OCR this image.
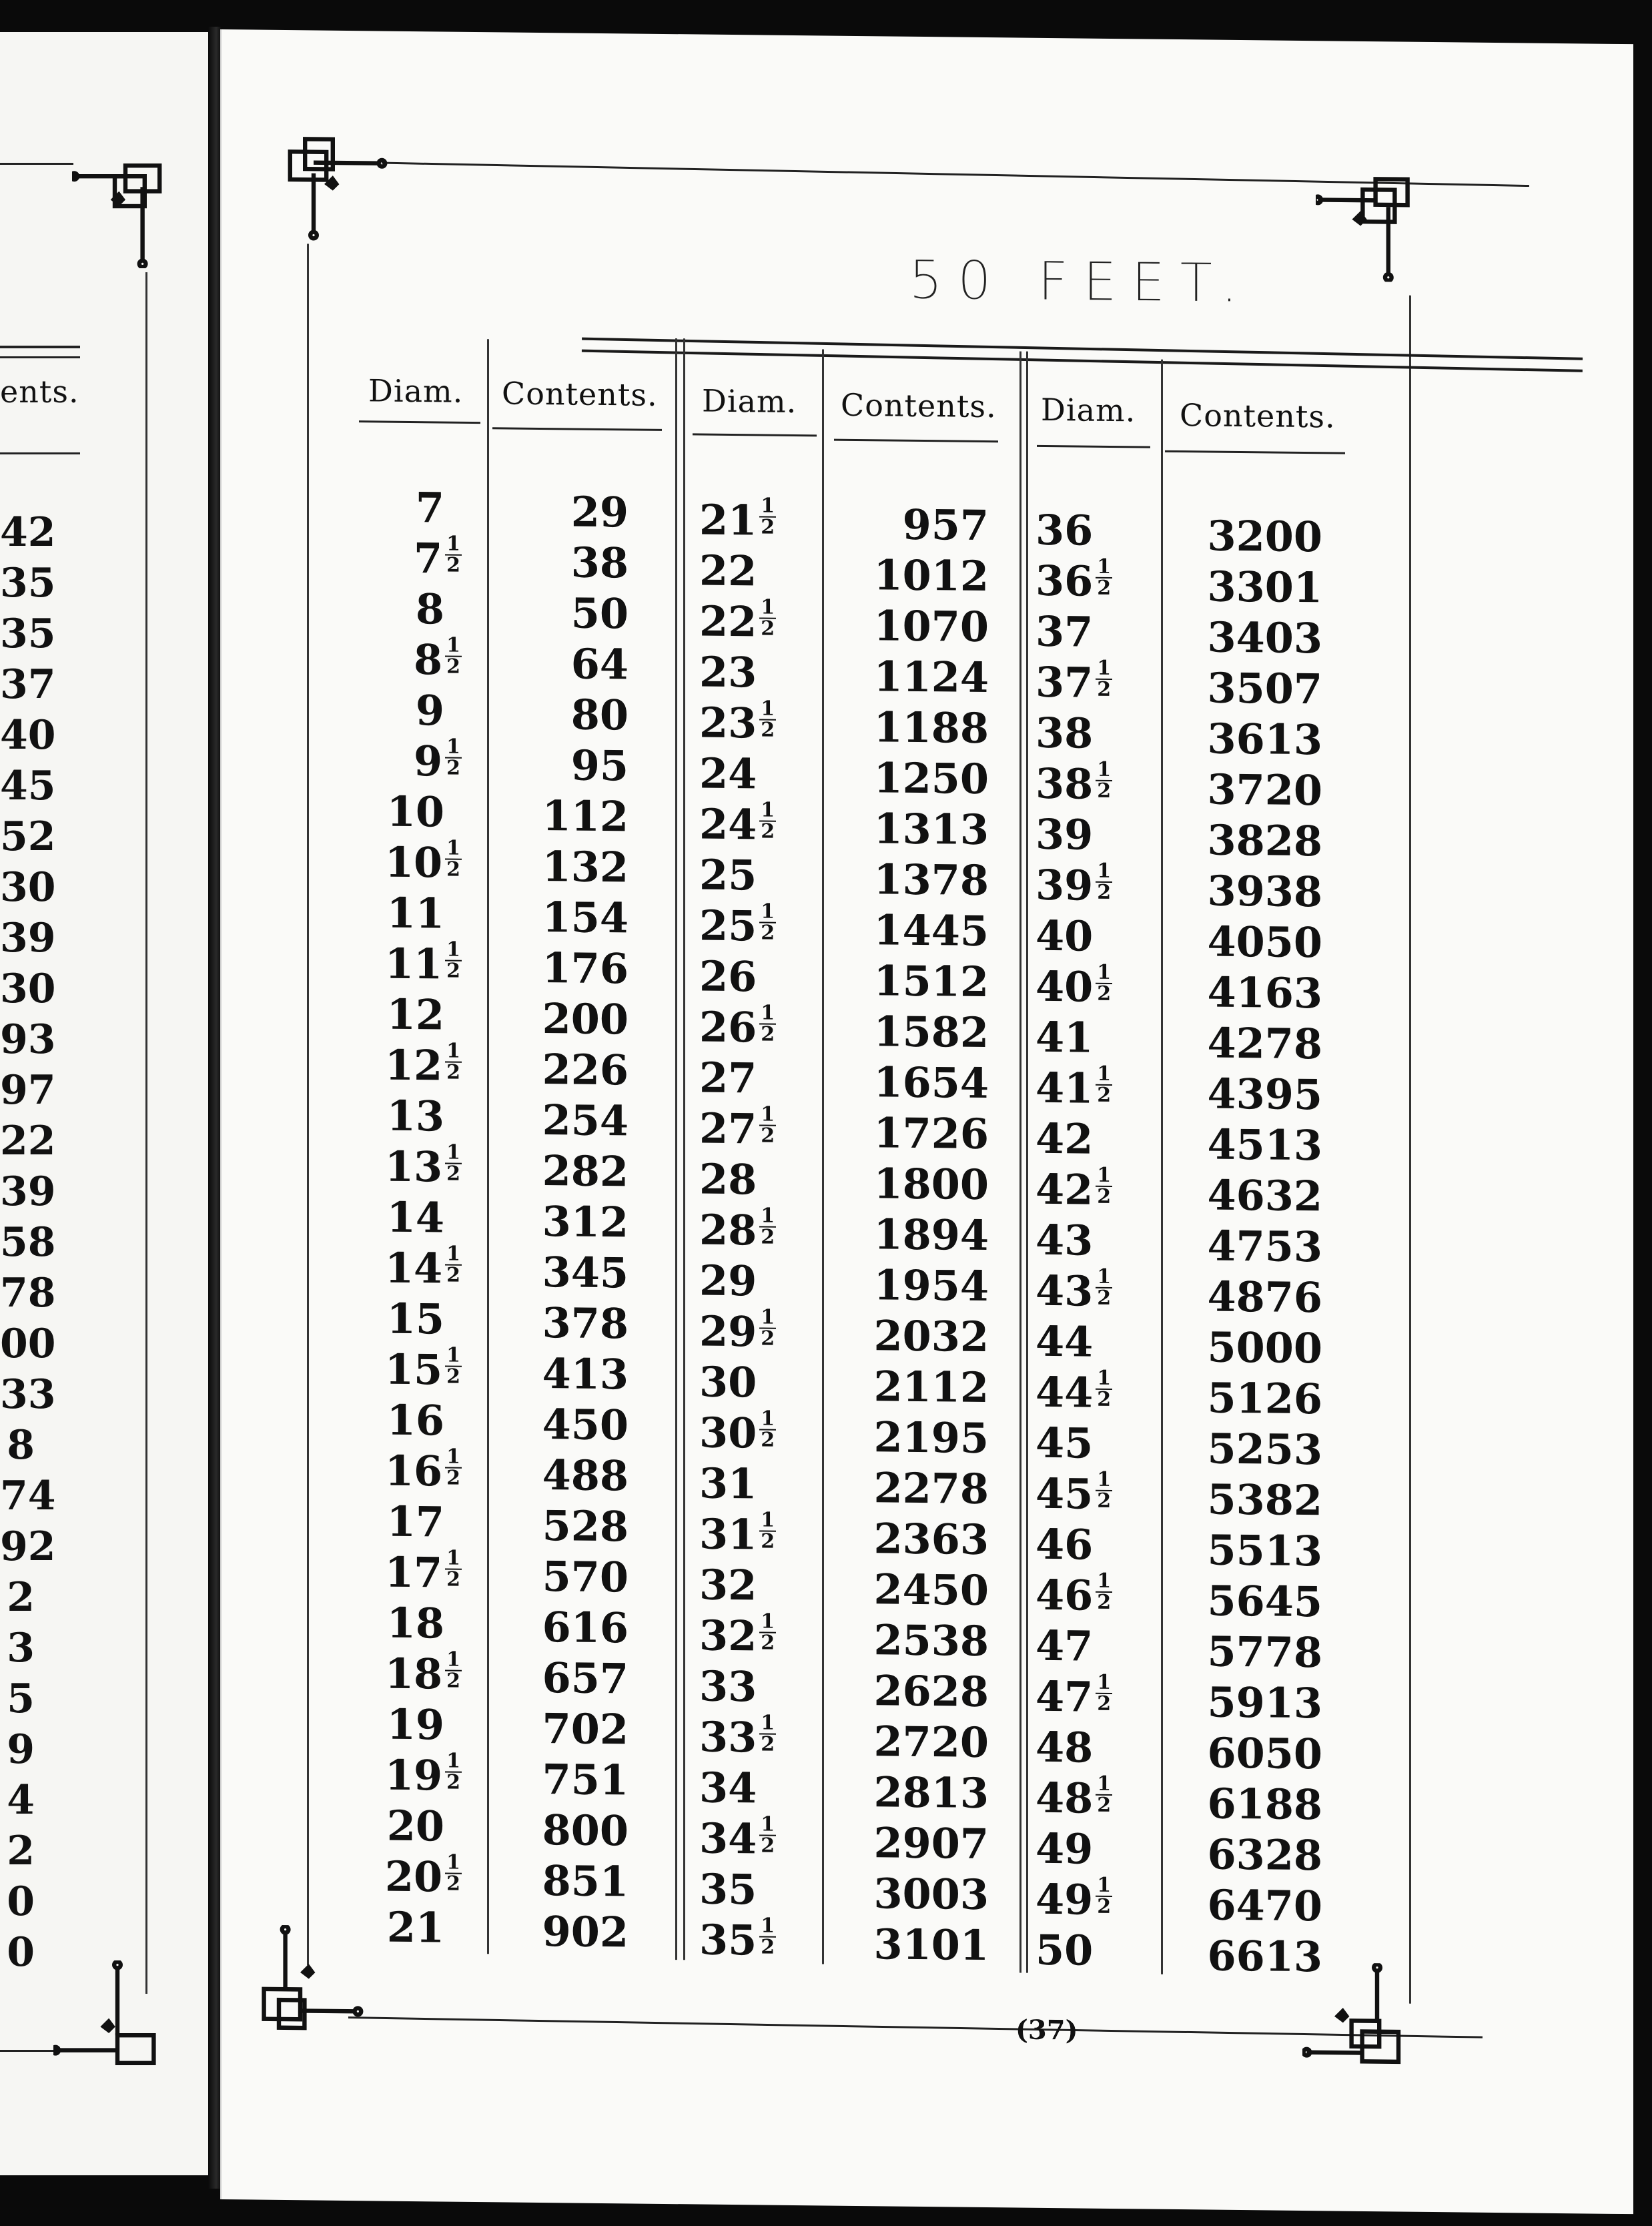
ents.
42
35
35
37
40
45
52
30
39
30
93
97
22
39
58
78
00
33
8
74
92
2
3
5
9
4
2
0
0
50 FEET.
Diam. Contents. Diam. Contents. Diam. Contents.
7
$7 \frac{1}{2}$
8
$8 \frac{1}{2}$
9
$9 \frac{1}{2}$
10
$10 \frac{1}{2}$
11
$11 \frac{1}{2}$
12
$12 \frac{1}{2}$
13
$13 \frac{1}{2}$
14
$14 \frac{1}{2}$
15
$15 \frac{1}{2}$
16
$16 \frac{1}{2}$
17
$17 \frac{1}{2}$
18
$18 \frac{1}{2}$
19
$19 \frac{1}{2}$
20
$20 \frac{1}{2}$
21
29
38
50
64
80
95
112
132
154
176
200
226
254
282
312
345
378
413
450
488
528
570
616
657
702
751
800
851
902
$21 \frac{1}{2}$
22
$22 \frac{1}{2}$
23
$23 \frac{1}{2}$
24
$24 \frac{1}{2}$
25
$25 \frac{1}{2}$
26
$26 \frac{1}{2}$
27
$27 \frac{1}{2}$
28
$28 \frac{1}{2}$
29
$29 \frac{1}{2}$
30
$30 \frac{1}{2}$
31
$31 \frac{1}{2}$
32
$32 \frac{1}{2}$
33
$33 \frac{1}{2}$
34
$34 \frac{1}{2}$
35
$35 \frac{1}{2}$
957
1012
1070
1124
1188
1250
1313
1378
1445
1512
1582
1654
1726
1800
1894
1954
2032
2112
2195
2278
2363
2450
2538
2628
2720
2813
2907
3003
3101
36
$36 \frac{1}{2}$
37
$37 \frac{1}{2}$
38
$38 \frac{1}{2}$
39
$39 \frac{1}{2}$
40
$40 \frac{1}{2}$
41
$41 \frac{1}{2}$
42
$42 \frac{1}{2}$
43
$43 \frac{1}{2}$
44
$44 \frac{1}{2}$
45
$45 \frac{1}{2}$
46
$46 \frac{1}{2}$
47
$47 \frac{1}{2}$
48
$48 \frac{1}{2}$
49
$49 \frac{1}{2}$
50
3200
3301
3403
3507
3613
3720
3828
3938
4050
4163
4278
4395
4513
4632
4753
4876
5000
5126
5253
5382
5513
5645
5778
5913
6050
6188
6328
6470
6613
(37)
